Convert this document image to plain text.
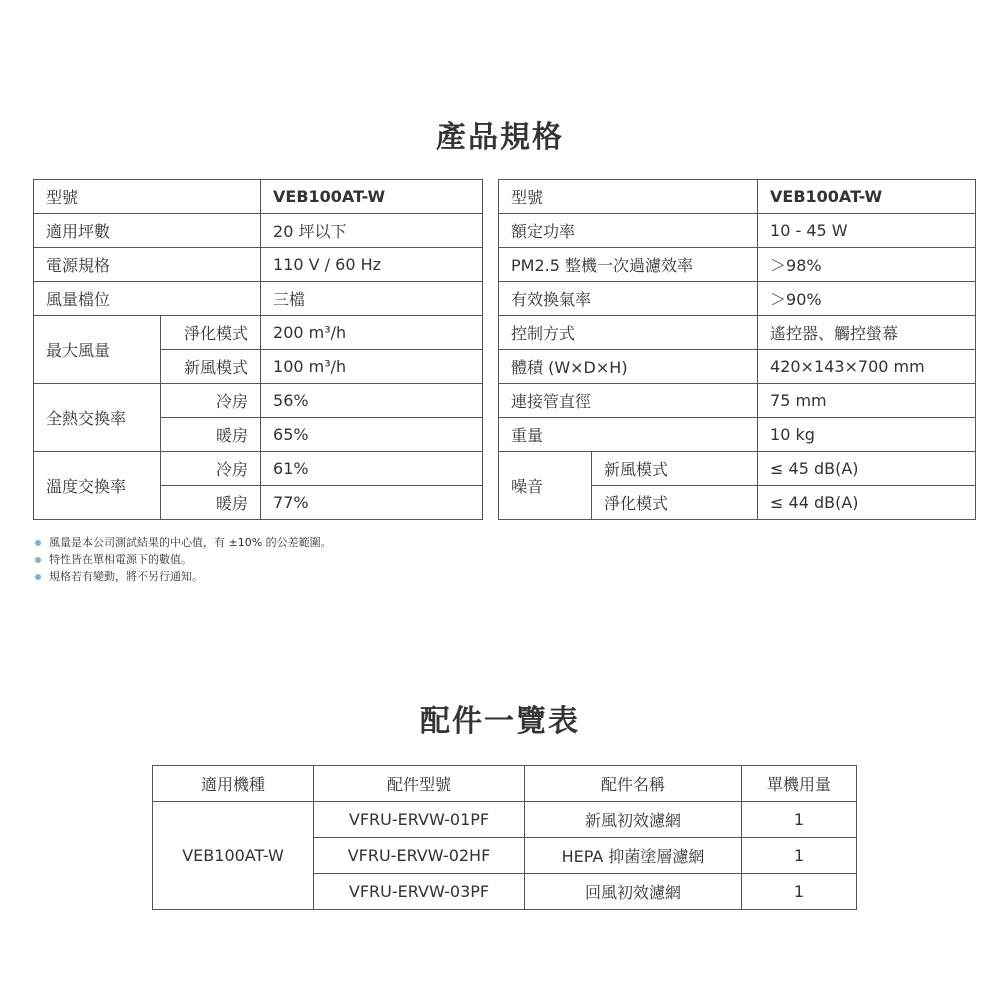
產品規格
型號		VEB100AT-W
適用坪數		20 坪以下
電源規格		110 V / 60 Hz
風量檔位		三檔
最大風量	淨化模式	200 m³/h
	新風模式	100 m³/h
全熱交換率	冷房	56%
	暖房	65%
溫度交換率	冷房	61%
	暖房	77%
型號		VEB100AT-W
額定功率		10 - 45 W
PM2.5 整機一次過濾效率		＞98%
有效換氣率		＞90%
控制方式		遙控器、觸控螢幕
體積 (W×D×H)		420×143×700 mm
連接管直徑		75 mm
重量		10 kg
噪音	新風模式	≤ 45 dB(A)
	淨化模式	≤ 44 dB(A)
風量是本公司測試結果的中心值，有 ±10% 的公差範圍。
特性皆在單相電源下的數值。
規格若有變動，將不另行通知。
配件一覽表
適用機種	配件型號	配件名稱	單機用量
VEB100AT-W	VFRU-ERVW-01PF	新風初效濾網	1
	VFRU-ERVW-02HF	HEPA 抑菌塗層濾網	1
	VFRU-ERVW-03PF	回風初效濾網	1
